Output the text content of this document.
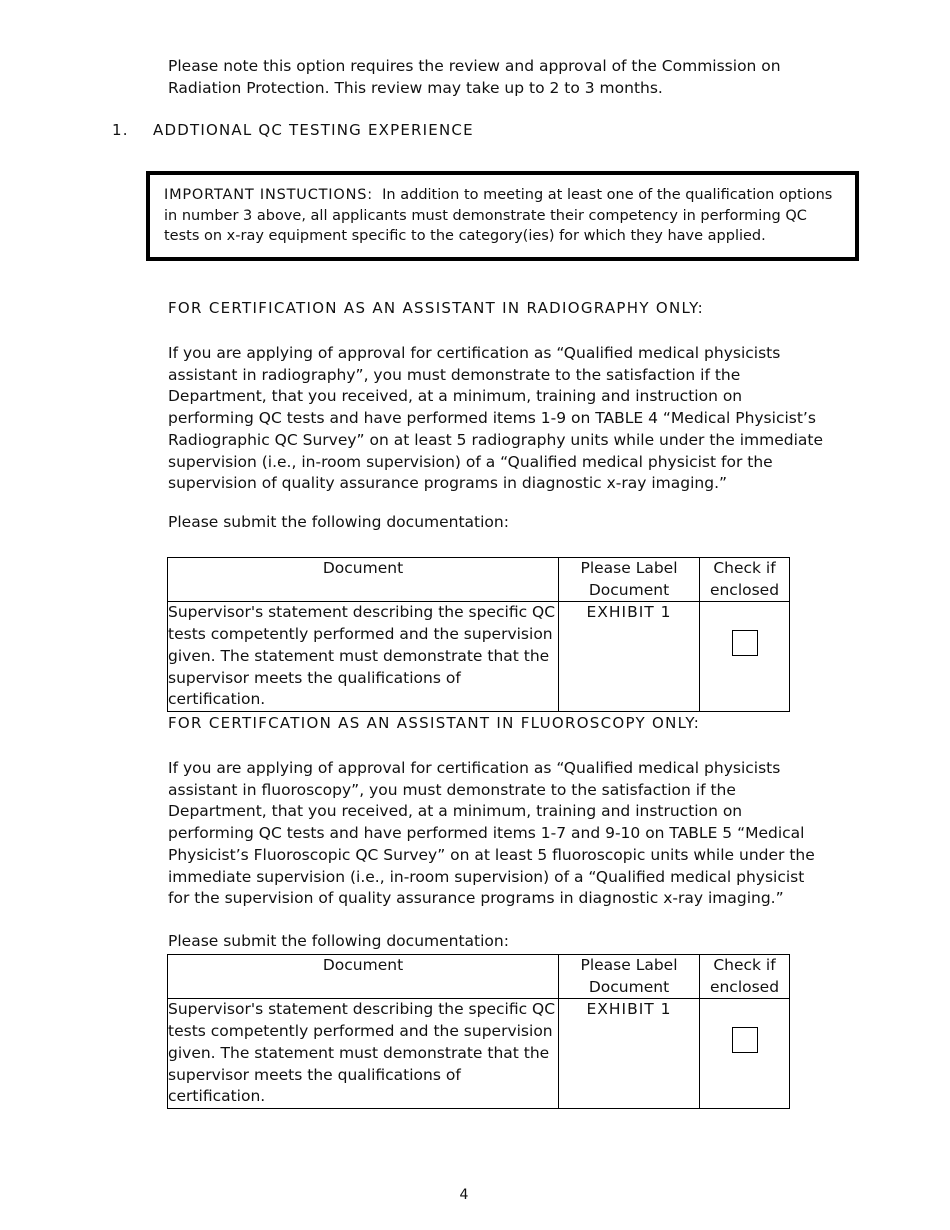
Please note this option requires the review and approval of the Commission on Radiation Protection. This review may take up to 2 to 3 months.
1. ADDTIONAL QC TESTING EXPERIENCE
IMPORTANT INSTUCTIONS: In addition to meeting at least one of the qualification options in number 3 above, all applicants must demonstrate their competency in performing QC tests on x-ray equipment specific to the category(ies) for which they have applied.
FOR CERTIFICATION AS AN ASSISTANT IN RADIOGRAPHY ONLY:
If you are applying of approval for certification as “Qualified medical physicists assistant in radiography”, you must demonstrate to the satisfaction if the Department, that you received, at a minimum, training and instruction on performing QC tests and have performed items 1-9 on TABLE 4 “Medical Physicist’s Radiographic QC Survey” on at least 5 radiography units while under the immediate supervision (i.e., in-room supervision) of a “Qualified medical physicist for the supervision of quality assurance programs in diagnostic x-ray imaging.”
Please submit the following documentation:
Document	Please Label Document	Check if enclosed
Supervisor's statement describing the specific QC tests competently performed and the supervision given. The statement must demonstrate that the supervisor meets the qualifications of certification.	EXHIBIT 1	
FOR CERTIFCATION AS AN ASSISTANT IN FLUOROSCOPY ONLY:
If you are applying of approval for certification as “Qualified medical physicists assistant in fluoroscopy”, you must demonstrate to the satisfaction if the Department, that you received, at a minimum, training and instruction on performing QC tests and have performed items 1-7 and 9-10 on TABLE 5 “Medical Physicist’s Fluoroscopic QC Survey” on at least 5 fluoroscopic units while under the immediate supervision (i.e., in-room supervision) of a “Qualified medical physicist for the supervision of quality assurance programs in diagnostic x-ray imaging.”
Please submit the following documentation:
Document	Please Label Document	Check if enclosed
Supervisor's statement describing the specific QC tests competently performed and the supervision given. The statement must demonstrate that the supervisor meets the qualifications of certification.	EXHIBIT 1	
4
